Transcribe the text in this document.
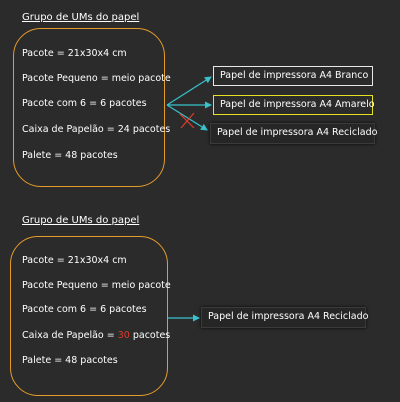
Grupo de UMs do papel
Pacote = 21x30x4 cm
Pacote Pequeno = meio pacote
Pacote com 6 = 6 pacotes
Caixa de Papelão = 24 pacotes
Palete = 48 pacotes
Papel de impressora A4 Branco
Papel de impressora A4 Amarelo
Papel de impressora A4 Reciclado
Grupo de UMs do papel
Pacote = 21x30x4 cm
Pacote Pequeno = meio pacote
Pacote com 6 = 6 pacotes
Caixa de Papelão = 30 pacotes
Palete = 48 pacotes
Papel de impressora A4 Reciclado
